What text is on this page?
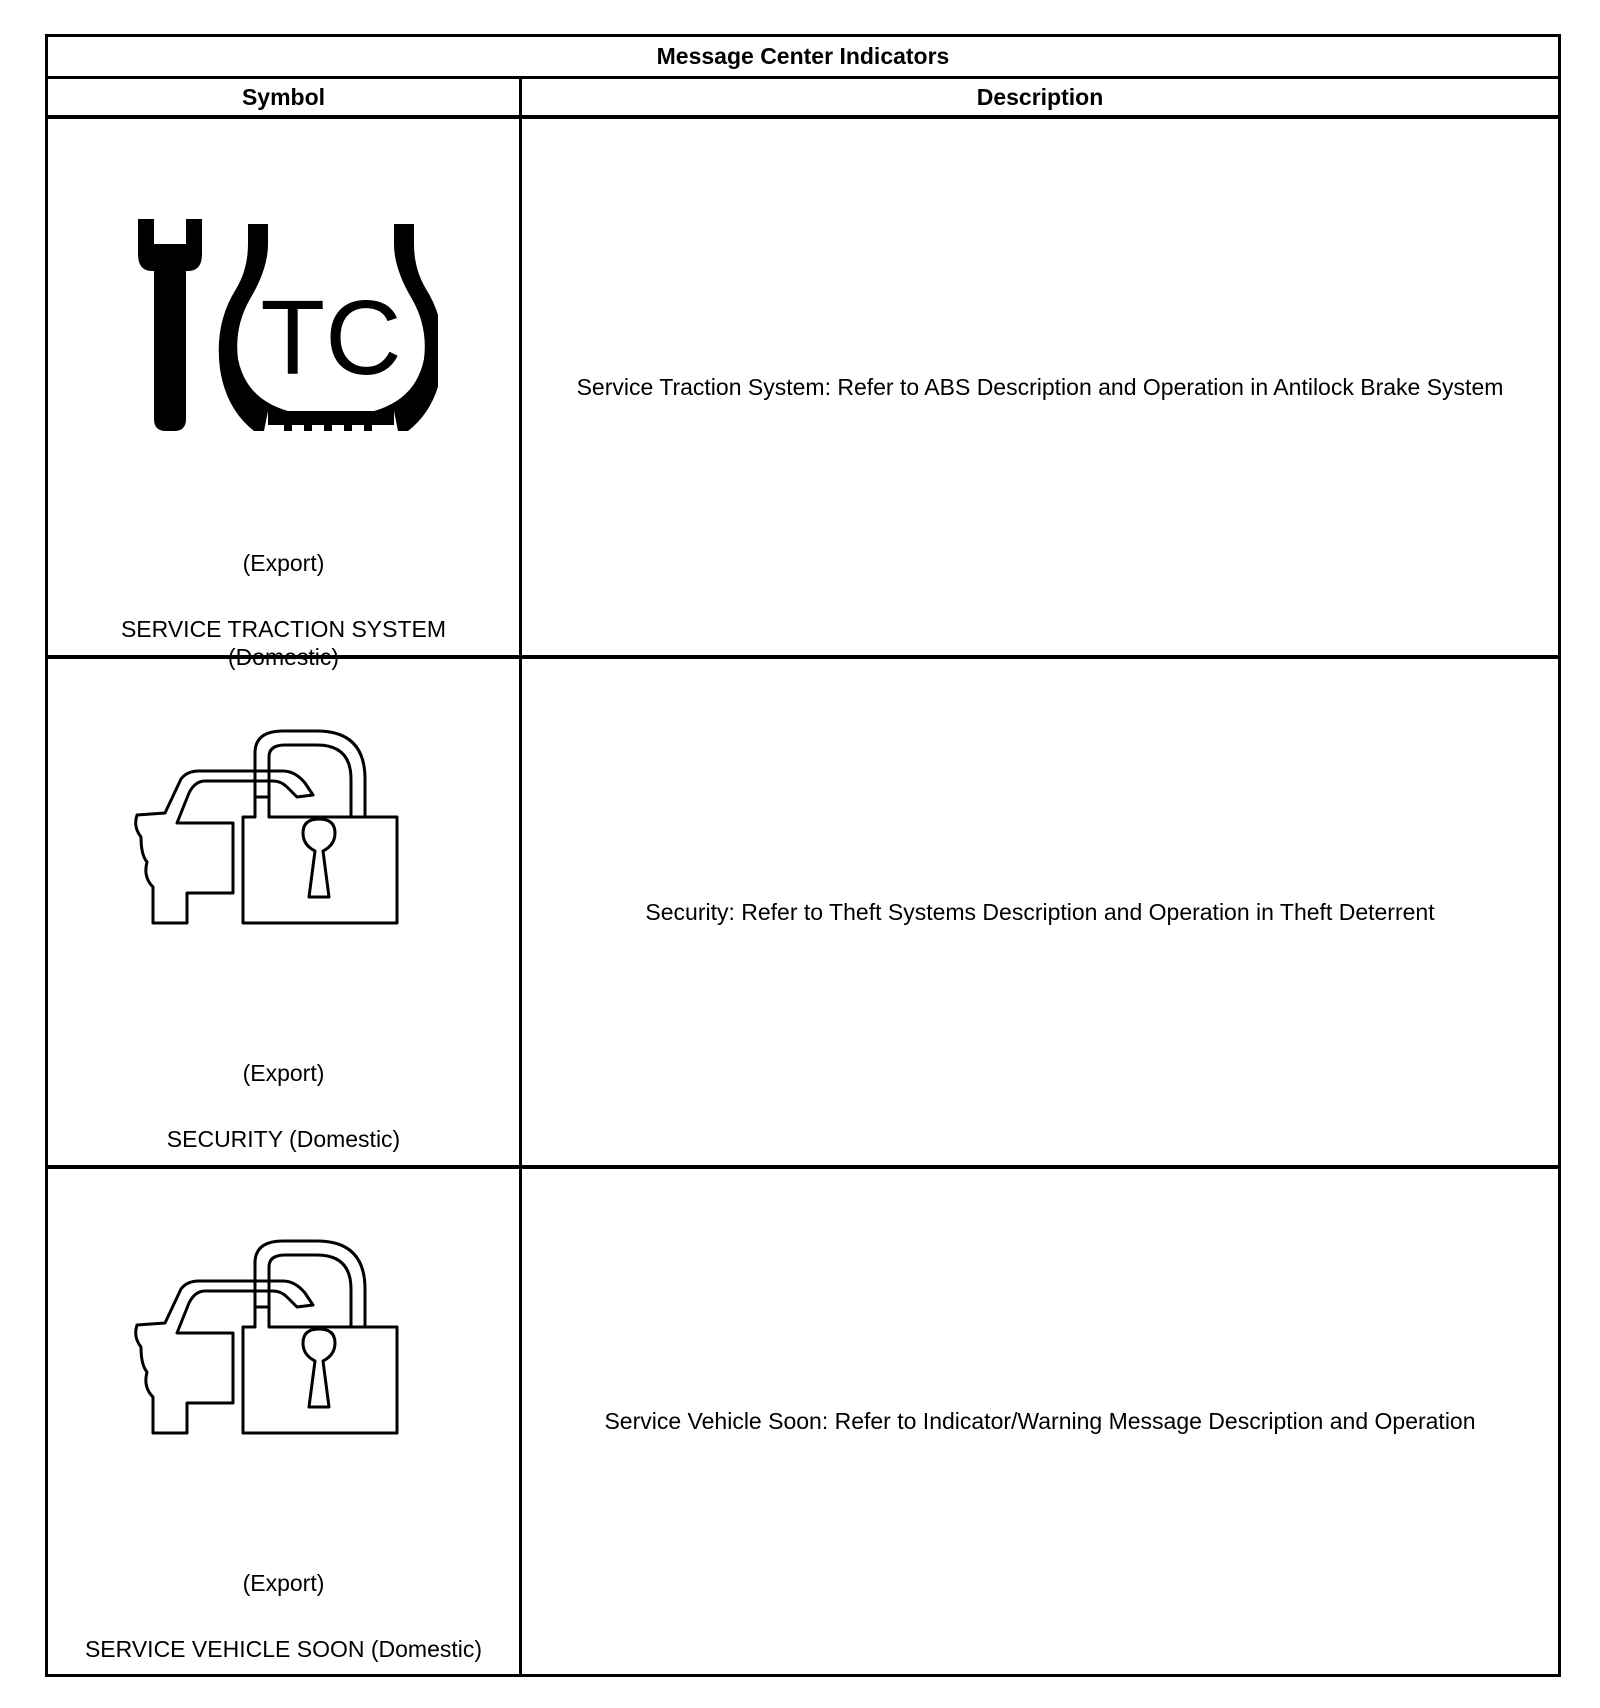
Message Center Indicators
Symbol	Description
TC
(Export)
SERVICE TRACTION SYSTEM
(Domestic)
Service Traction System: Refer to ABS Description and Operation in Antilock Brake System
(Export)
SECURITY (Domestic)
Security: Refer to Theft Systems Description and Operation in Theft Deterrent
(Export)
SERVICE VEHICLE SOON (Domestic)
Service Vehicle Soon: Refer to Indicator/Warning Message Description and Operation
